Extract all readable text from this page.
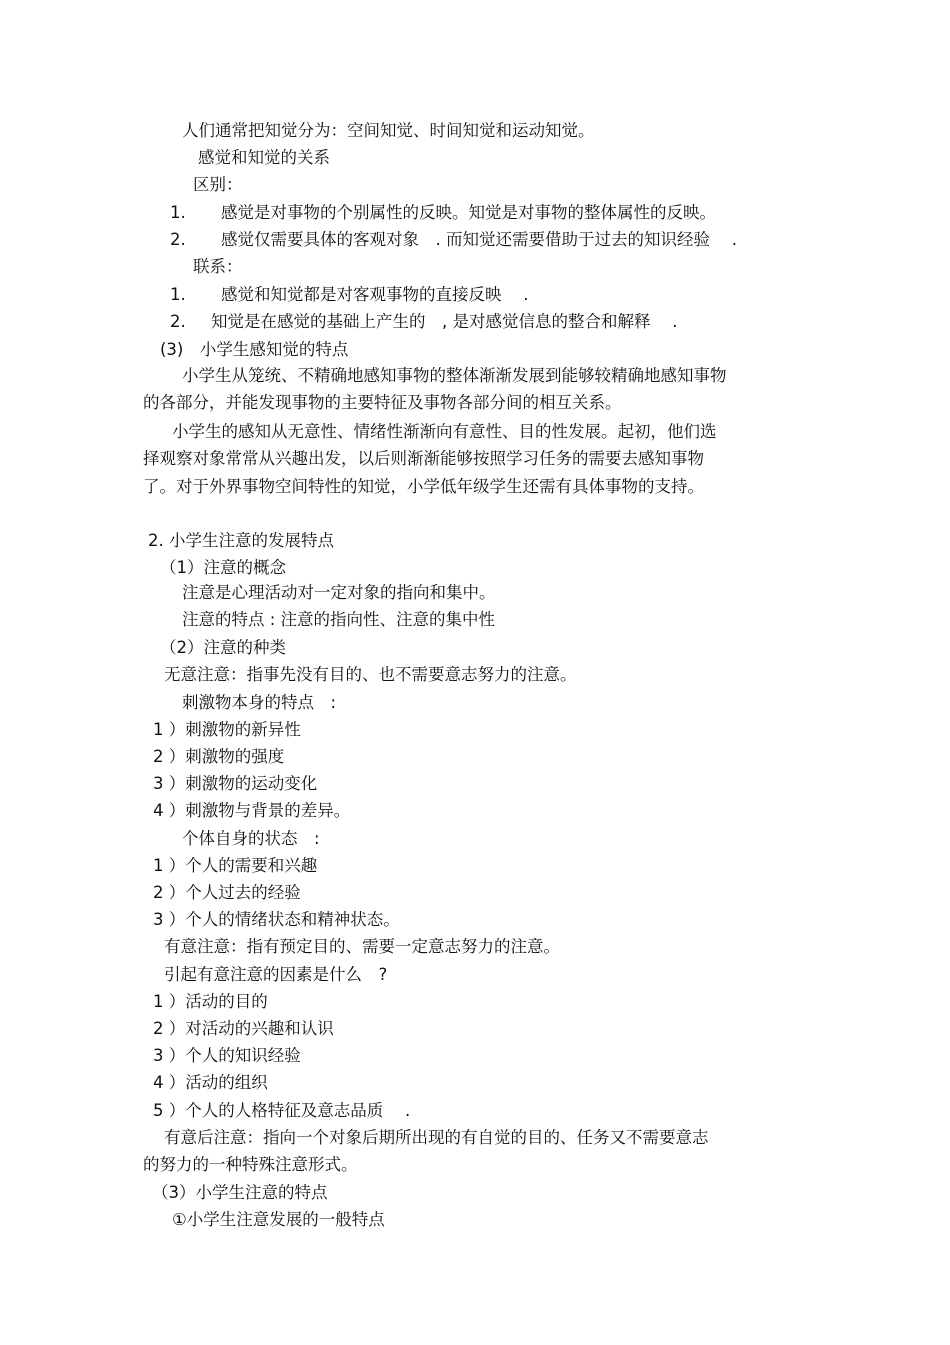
人们通常把知觉分为：空间知觉、时间知觉和运动知觉。
感觉和知觉的关系
区别：
1. 感觉是对事物的个别属性的反映。知觉是对事物的整体属性的反映。
2. 感觉仅需要具体的客观对象　. 而知觉还需要借助于过去的知识经验　 .
联系：
1. 感觉和知觉都是对客观事物的直接反映　 .
2. 知觉是在感觉的基础上产生的　, 是对感觉信息的整合和解释　 .
(3)　小学生感知觉的特点
小学生从笼统、不精确地感知事物的整体渐渐发展到能够较精确地感知事物
的各部分，并能发现事物的主要特征及事物各部分间的相互关系。
小学生的感知从无意性、情绪性渐渐向有意性、目的性发展。起初，他们选
择观察对象常常从兴趣出发，以后则渐渐能够按照学习任务的需要去感知事物
了。对于外界事物空间特性的知觉，小学低年级学生还需有具体事物的支持。
2. 小学生注意的发展特点
（1）注意的概念
注意是心理活动对一定对象的指向和集中。
注意的特点 : 注意的指向性、注意的集中性
（2）注意的种类
无意注意：指事先没有目的、也不需要意志努力的注意。
刺激物本身的特点　:
1 ）刺激物的新异性
2 ）刺激物的强度
3 ）刺激物的运动变化
4 ）刺激物与背景的差异。
个体自身的状态　:
1 ）个人的需要和兴趣
2 ）个人过去的经验
3 ）个人的情绪状态和精神状态。
有意注意：指有预定目的、需要一定意志努力的注意。
引起有意注意的因素是什么　?
1 ）活动的目的
2 ）对活动的兴趣和认识
3 ）个人的知识经验
4 ）活动的组织
5 ）个人的人格特征及意志品质　 .
有意后注意：指向一个对象后期所出现的有自觉的目的、任务又不需要意志
的努力的一种特殊注意形式。
（3）小学生注意的特点
①小学生注意发展的一般特点
